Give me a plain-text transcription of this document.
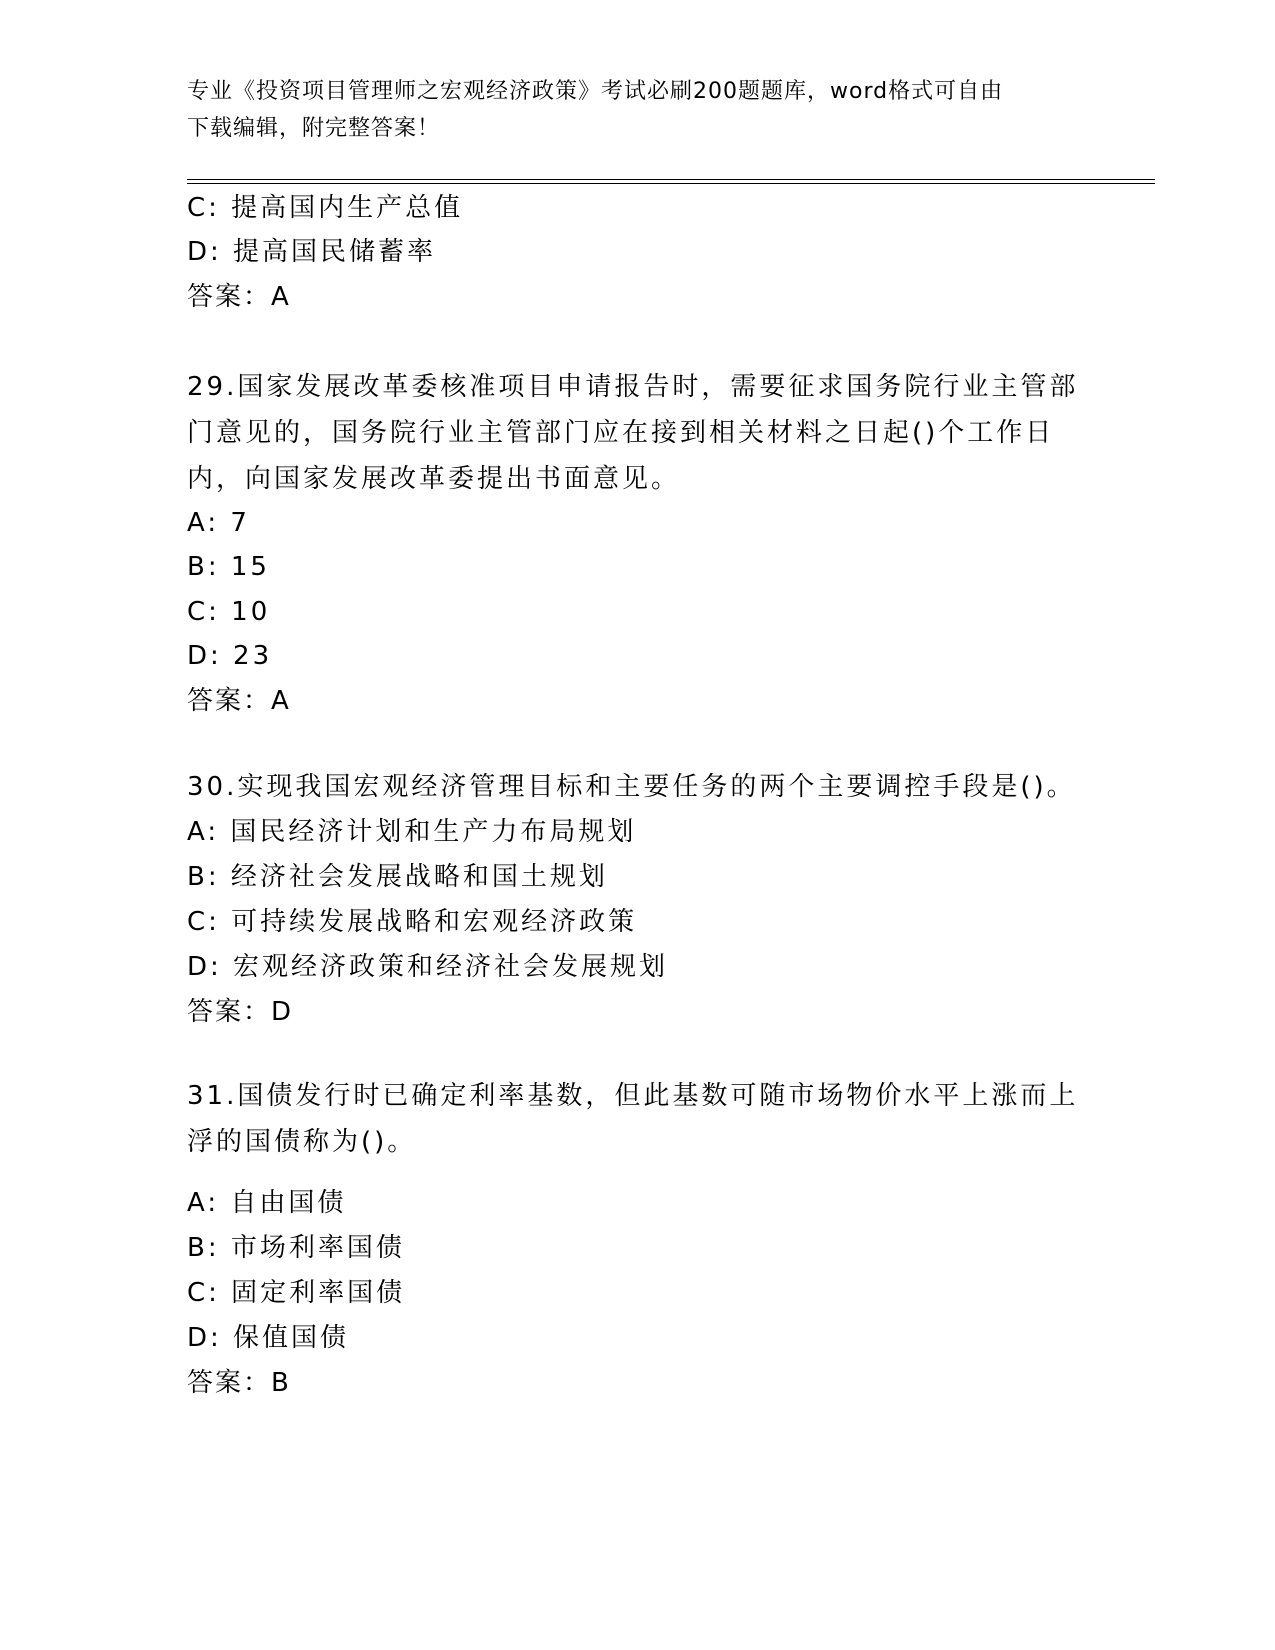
专业《投资项目管理师之宏观经济政策》考试必刷200题题库，word格式可自由
下载编辑，附完整答案！
C: 提高国内生产总值
D: 提高国民储蓄率
答案：A
29.国家发展改革委核准项目申请报告时，需要征求国务院行业主管部
门意见的，国务院行业主管部门应在接到相关材料之日起()个工作日
内，向国家发展改革委提出书面意见。
A: 7
B: 15
C: 10
D: 23
答案：A
30.实现我国宏观经济管理目标和主要任务的两个主要调控手段是()。
A: 国民经济计划和生产力布局规划
B: 经济社会发展战略和国土规划
C: 可持续发展战略和宏观经济政策
D: 宏观经济政策和经济社会发展规划
答案：D
31.国债发行时已确定利率基数，但此基数可随市场物价水平上涨而上
浮的国债称为()。
A: 自由国债
B: 市场利率国债
C: 固定利率国债
D: 保值国债
答案：B
